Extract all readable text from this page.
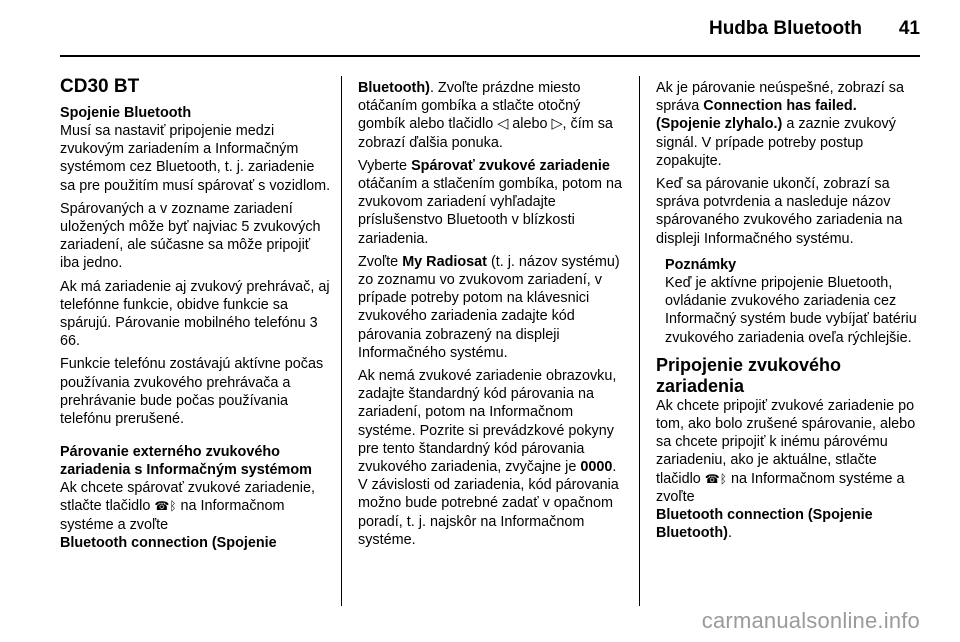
Hudba Bluetooth 41
CD30 BT
Spojenie Bluetooth

Musí sa nastaviť pripojenie medzi zvukovým zariadením a Informačným systémom cez Bluetooth, t. j. zariadenie sa pre použitím musí spárovať s vozidlom.

Spárovaných a v zozname zariadení uložených môže byť najviac 5 zvukových zariadení, ale súčasne sa môže pripojiť iba jedno.

Ak má zariadenie aj zvukový prehrávač, aj telefónne funkcie, obidve funkcie sa spárujú. Párovanie mobilného telefónu 3 66.

Funkcie telefónu zostávajú aktívne počas používania zvukového prehrávača a prehrávanie bude počas používania telefónu prerušené.

Párovanie externého zvukového zariadenia s Informačným systémom

Ak chcete spárovať zvukové zariadenie, stlačte tlačidlo ☎ᛒ na Informačnom systéme a zvoľte
Bluetooth connection (Spojenie

Bluetooth). Zvoľte prázdne miesto otáčaním gombíka a stlačte otočný gombík alebo tlačidlo ◁ alebo ▷, čím sa zobrazí ďalšia ponuka.

Vyberte Spárovať zvukové zariadenie otáčaním a stlačením gombíka, potom na zvukovom zariadení vyhľadajte príslušenstvo Bluetooth v blízkosti zariadenia.

Zvoľte My Radiosat (t. j. názov systému) zo zoznamu vo zvukovom zariadení, v prípade potreby potom na klávesnici zvukového zariadenia zadajte kód párovania zobrazený na displeji Informačného systému.

Ak nemá zvukové zariadenie obrazovku, zadajte štandardný kód párovania na zariadení, potom na Informačnom systéme. Pozrite si prevádzkové pokyny pre tento štandardný kód párovania zvukového zariadenia, zvyčajne je 0000. V závislosti od zariadenia, kód párovania možno bude potrebné zadať v opačnom poradí, t. j. najskôr na Informačnom systéme.

Ak je párovanie neúspešné, zobrazí sa správa Connection has failed. (Spojenie zlyhalo.) a zaznie zvukový signál. V prípade potreby postup zopakujte.

Keď sa párovanie ukončí, zobrazí sa správa potvrdenia a nasleduje názov spárovaného zvukového zariadenia na displeji Informačného systému.

Poznámky
Keď je aktívne pripojenie Bluetooth, ovládanie zvukového zariadenia cez Informačný systém bude vybíjať batériu zvukového zariadenia oveľa rýchlejšie.
Pripojenie zvukového zariadenia

Ak chcete pripojiť zvukové zariadenie po tom, ako bolo zrušené spárovanie, alebo sa chcete pripojiť k inému párovému zariadeniu, ako je aktuálne, stlačte tlačidlo ☎ᛒ na Informačnom systéme a zvoľte
Bluetooth connection (Spojenie Bluetooth).

carmanualsonline.info
